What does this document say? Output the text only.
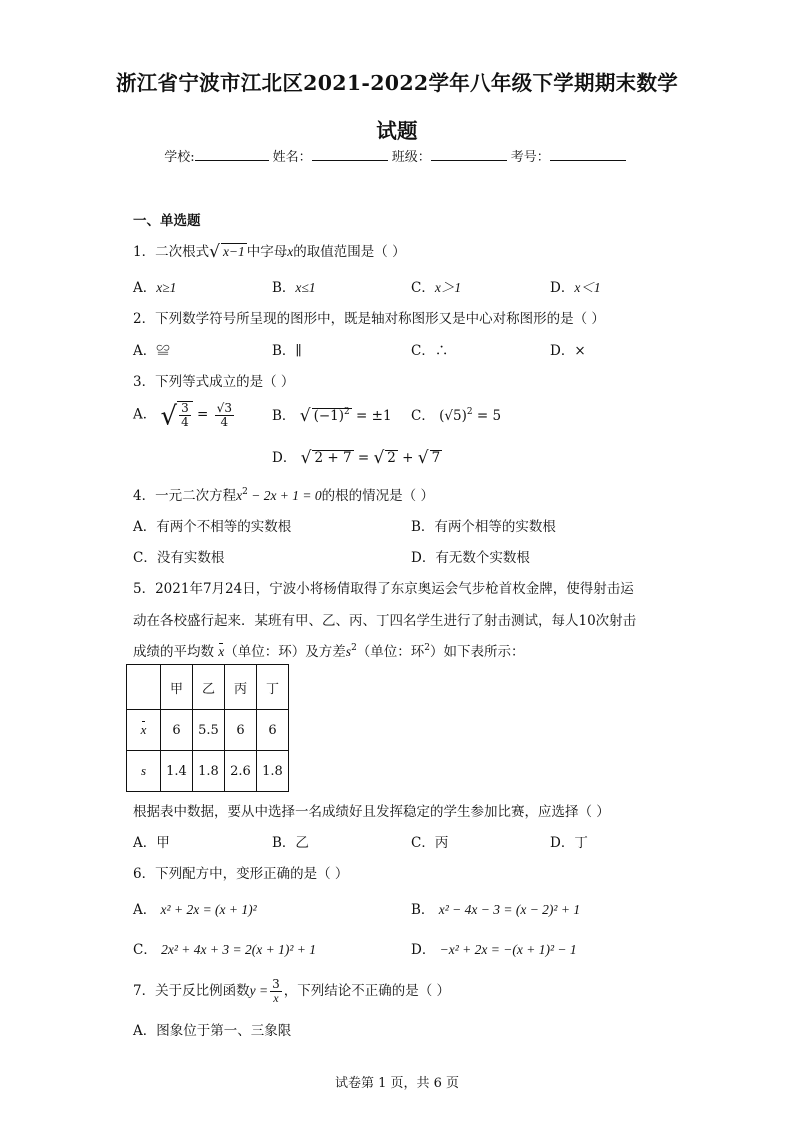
浙江省宁波市江北区2021-2022学年八年级下学期期末数学
试题
学校:	姓名：	班级：	考号：
一、单选题
1．二次根式√ x−1 中字母x的取值范围是（ ）
A．x≥1	B．x≤1	C．x＞1	D．x＜1
2．下列数学符号所呈现的图形中，既是轴对称图形又是中心对称图形的是（ ）
A．≌	B．∥	C．∴	D．×
3．下列等式成立的是（ ）
A． √ $\frac{3}{4} = \frac{√3}{4}$	B． √ $(-1)^2 = \pm 1$ C． $(√5)^2 = 5$
D． √ 2 + 7 = √ 2 + √ 7
4．一元二次方程$x^2 - 2x + 1 = 0$的根的情况是（ ）
A．有两个不相等的实数根	B．有两个相等的实数根
C．没有实数根	D．有无数个实数根
5．2021年7月24日，宁波小将杨倩取得了东京奥运会气步枪首枚金牌，使得射击运
动在各校盛行起来．某班有甲、乙、丙、丁四名学生进行了射击测试，每人10次射击
成绩的平均数 x（单位：环）及方差$s^2$（单位：环$^2$）如下表所示：
	甲	乙	丙	丁
x	6	5.5	6	6
s	1.4	1.8	2.6	1.8
根据表中数据，要从中选择一名成绩好且发挥稳定的学生参加比赛，应选择（ ）
A．甲	B．乙	C．丙	D．丁
6．下列配方中，变形正确的是（ ）
A． x² + 2x = (x + 1)²	B． x² − 4x − 3 = (x − 2)² + 1
C． 2x² + 4x + 3 = 2(x + 1)² + 1	D． −x² + 2x = −(x + 1)² − 1
7．关于反比例函数$y = \frac{3}{x}$ ，下列结论不正确的是（ ）
A．图象位于第一、三象限
试卷第 1 页，共 6 页
